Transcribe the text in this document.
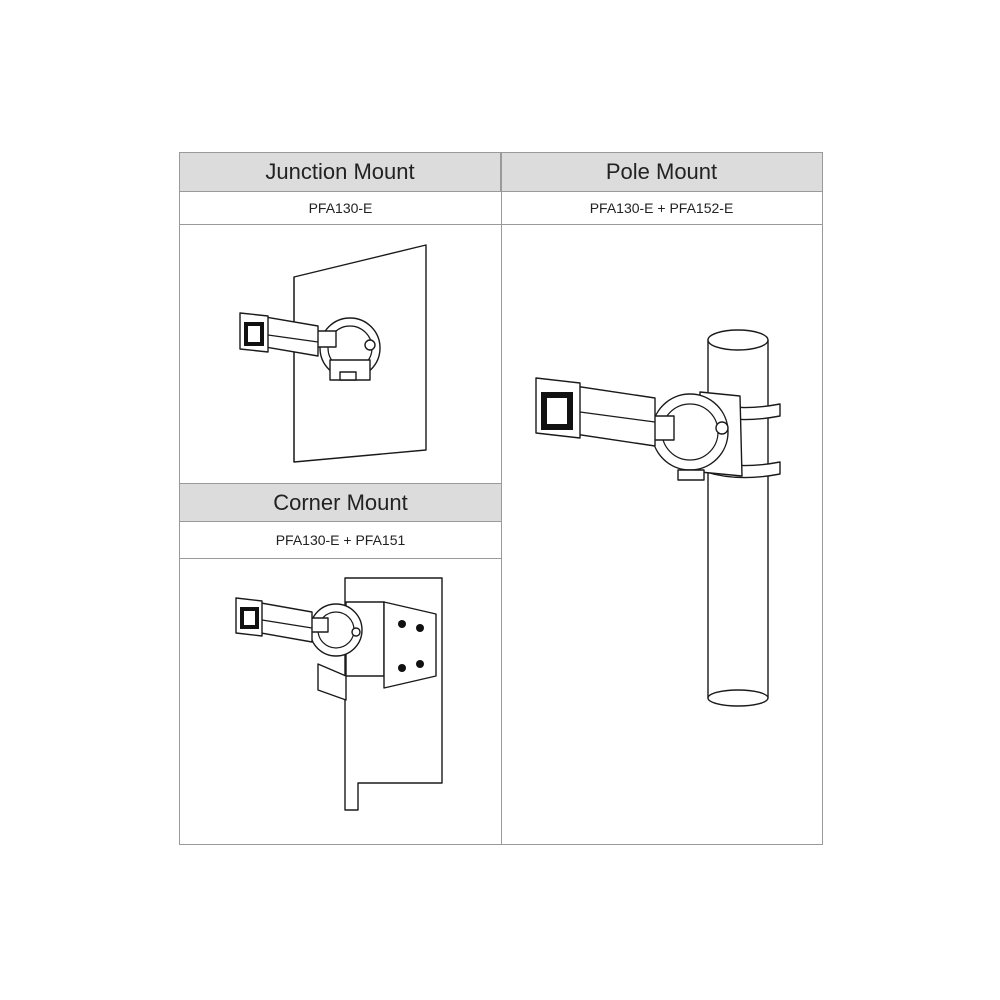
Junction Mount
PFA130-E
Pole Mount
PFA130-E + PFA152-E
Corner Mount
PFA130-E + PFA151
